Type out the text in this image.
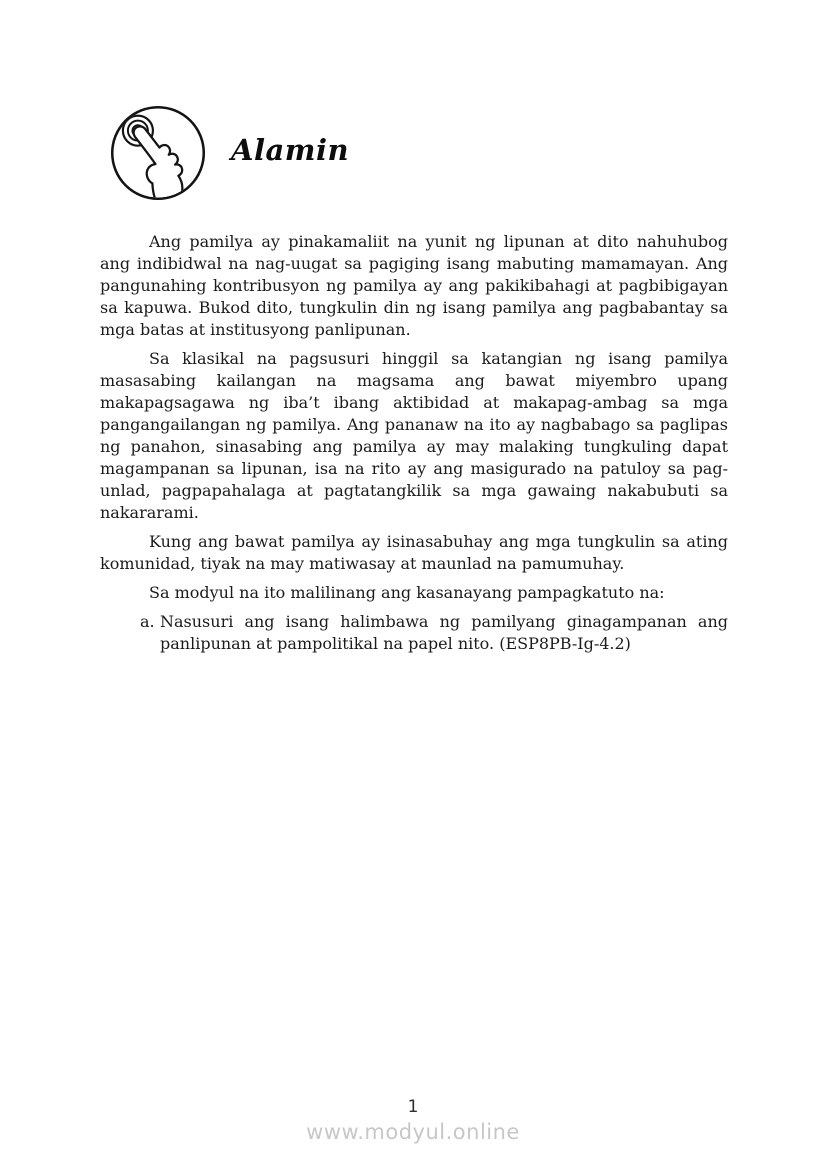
Alamin

Ang pamilya ay pinakamaliit na yunit ng lipunan at dito nahuhubog ang indibidwal na nag-uugat sa pagiging isang mabuting mamamayan. Ang pangunahing kontribusyon ng pamilya ay ang pakikibahagi at pagbibigayan sa kapuwa. Bukod dito, tungkulin din ng isang pamilya ang pagbabantay sa mga batas at institusyong panlipunan.

Sa klasikal na pagsusuri hinggil sa katangian ng isang pamilya masasabing kailangan na magsama ang bawat miyembro upang makapagsagawa ng iba’t ibang aktibidad at makapag-ambag sa mga pangangailangan ng pamilya. Ang pananaw na ito ay nagbabago sa paglipas ng panahon, sinasabing ang pamilya ay may malaking tungkuling dapat magampanan sa lipunan, isa na rito ay ang masigurado na patuloy sa pag-unlad, pagpapahalaga at pagtatangkilik sa mga gawaing nakabubuti sa nakararami.

Kung ang bawat pamilya ay isinasabuhay ang mga tungkulin sa ating komunidad, tiyak na may matiwasay at maunlad na pamumuhay.

Sa modyul na ito malilinang ang kasanayang pampagkatuto na:

a. Nasusuri ang isang halimbawa ng pamilyang ginagampanan ang panlipunan at pampolitikal na papel nito. (ESP8PB-Ig-4.2)
1
www.modyul.online
